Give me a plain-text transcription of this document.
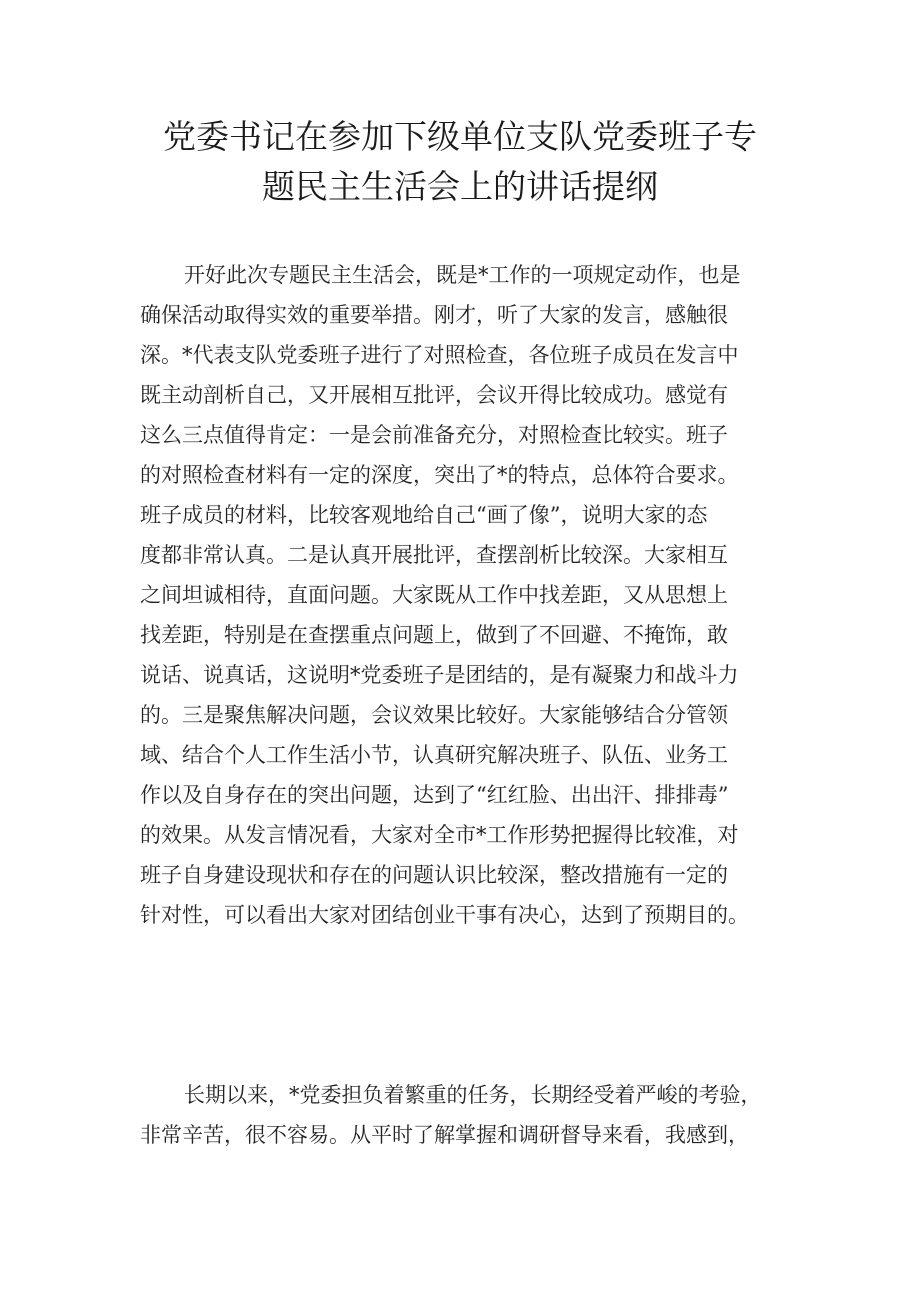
党委书记在参加下级单位支队党委班子专
题民主生活会上的讲话提纲
开好此次专题民主生活会，既是*工作的一项规定动作，也是
确保活动取得实效的重要举措。刚才，听了大家的发言，感触很
深。*代表支队党委班子进行了对照检查，各位班子成员在发言中
既主动剖析自己，又开展相互批评，会议开得比较成功。感觉有
这么三点值得肯定：一是会前准备充分，对照检查比较实。班子
的对照检查材料有一定的深度，突出了*的特点，总体符合要求。
班子成员的材料，比较客观地给自己“画了像”，说明大家的态
度都非常认真。二是认真开展批评，查摆剖析比较深。大家相互
之间坦诚相待，直面问题。大家既从工作中找差距，又从思想上
找差距，特别是在查摆重点问题上，做到了不回避、不掩饰，敢
说话、说真话，这说明*党委班子是团结的，是有凝聚力和战斗力
的。三是聚焦解决问题，会议效果比较好。大家能够结合分管领
域、结合个人工作生活小节，认真研究解决班子、队伍、业务工
作以及自身存在的突出问题，达到了“红红脸、出出汗、排排毒”
的效果。从发言情况看，大家对全市*工作形势把握得比较准，对
班子自身建设现状和存在的问题认识比较深，整改措施有一定的
针对性，可以看出大家对团结创业干事有决心，达到了预期目的。
长期以来，*党委担负着繁重的任务，长期经受着严峻的考验，
非常辛苦，很不容易。从平时了解掌握和调研督导来看，我感到，
